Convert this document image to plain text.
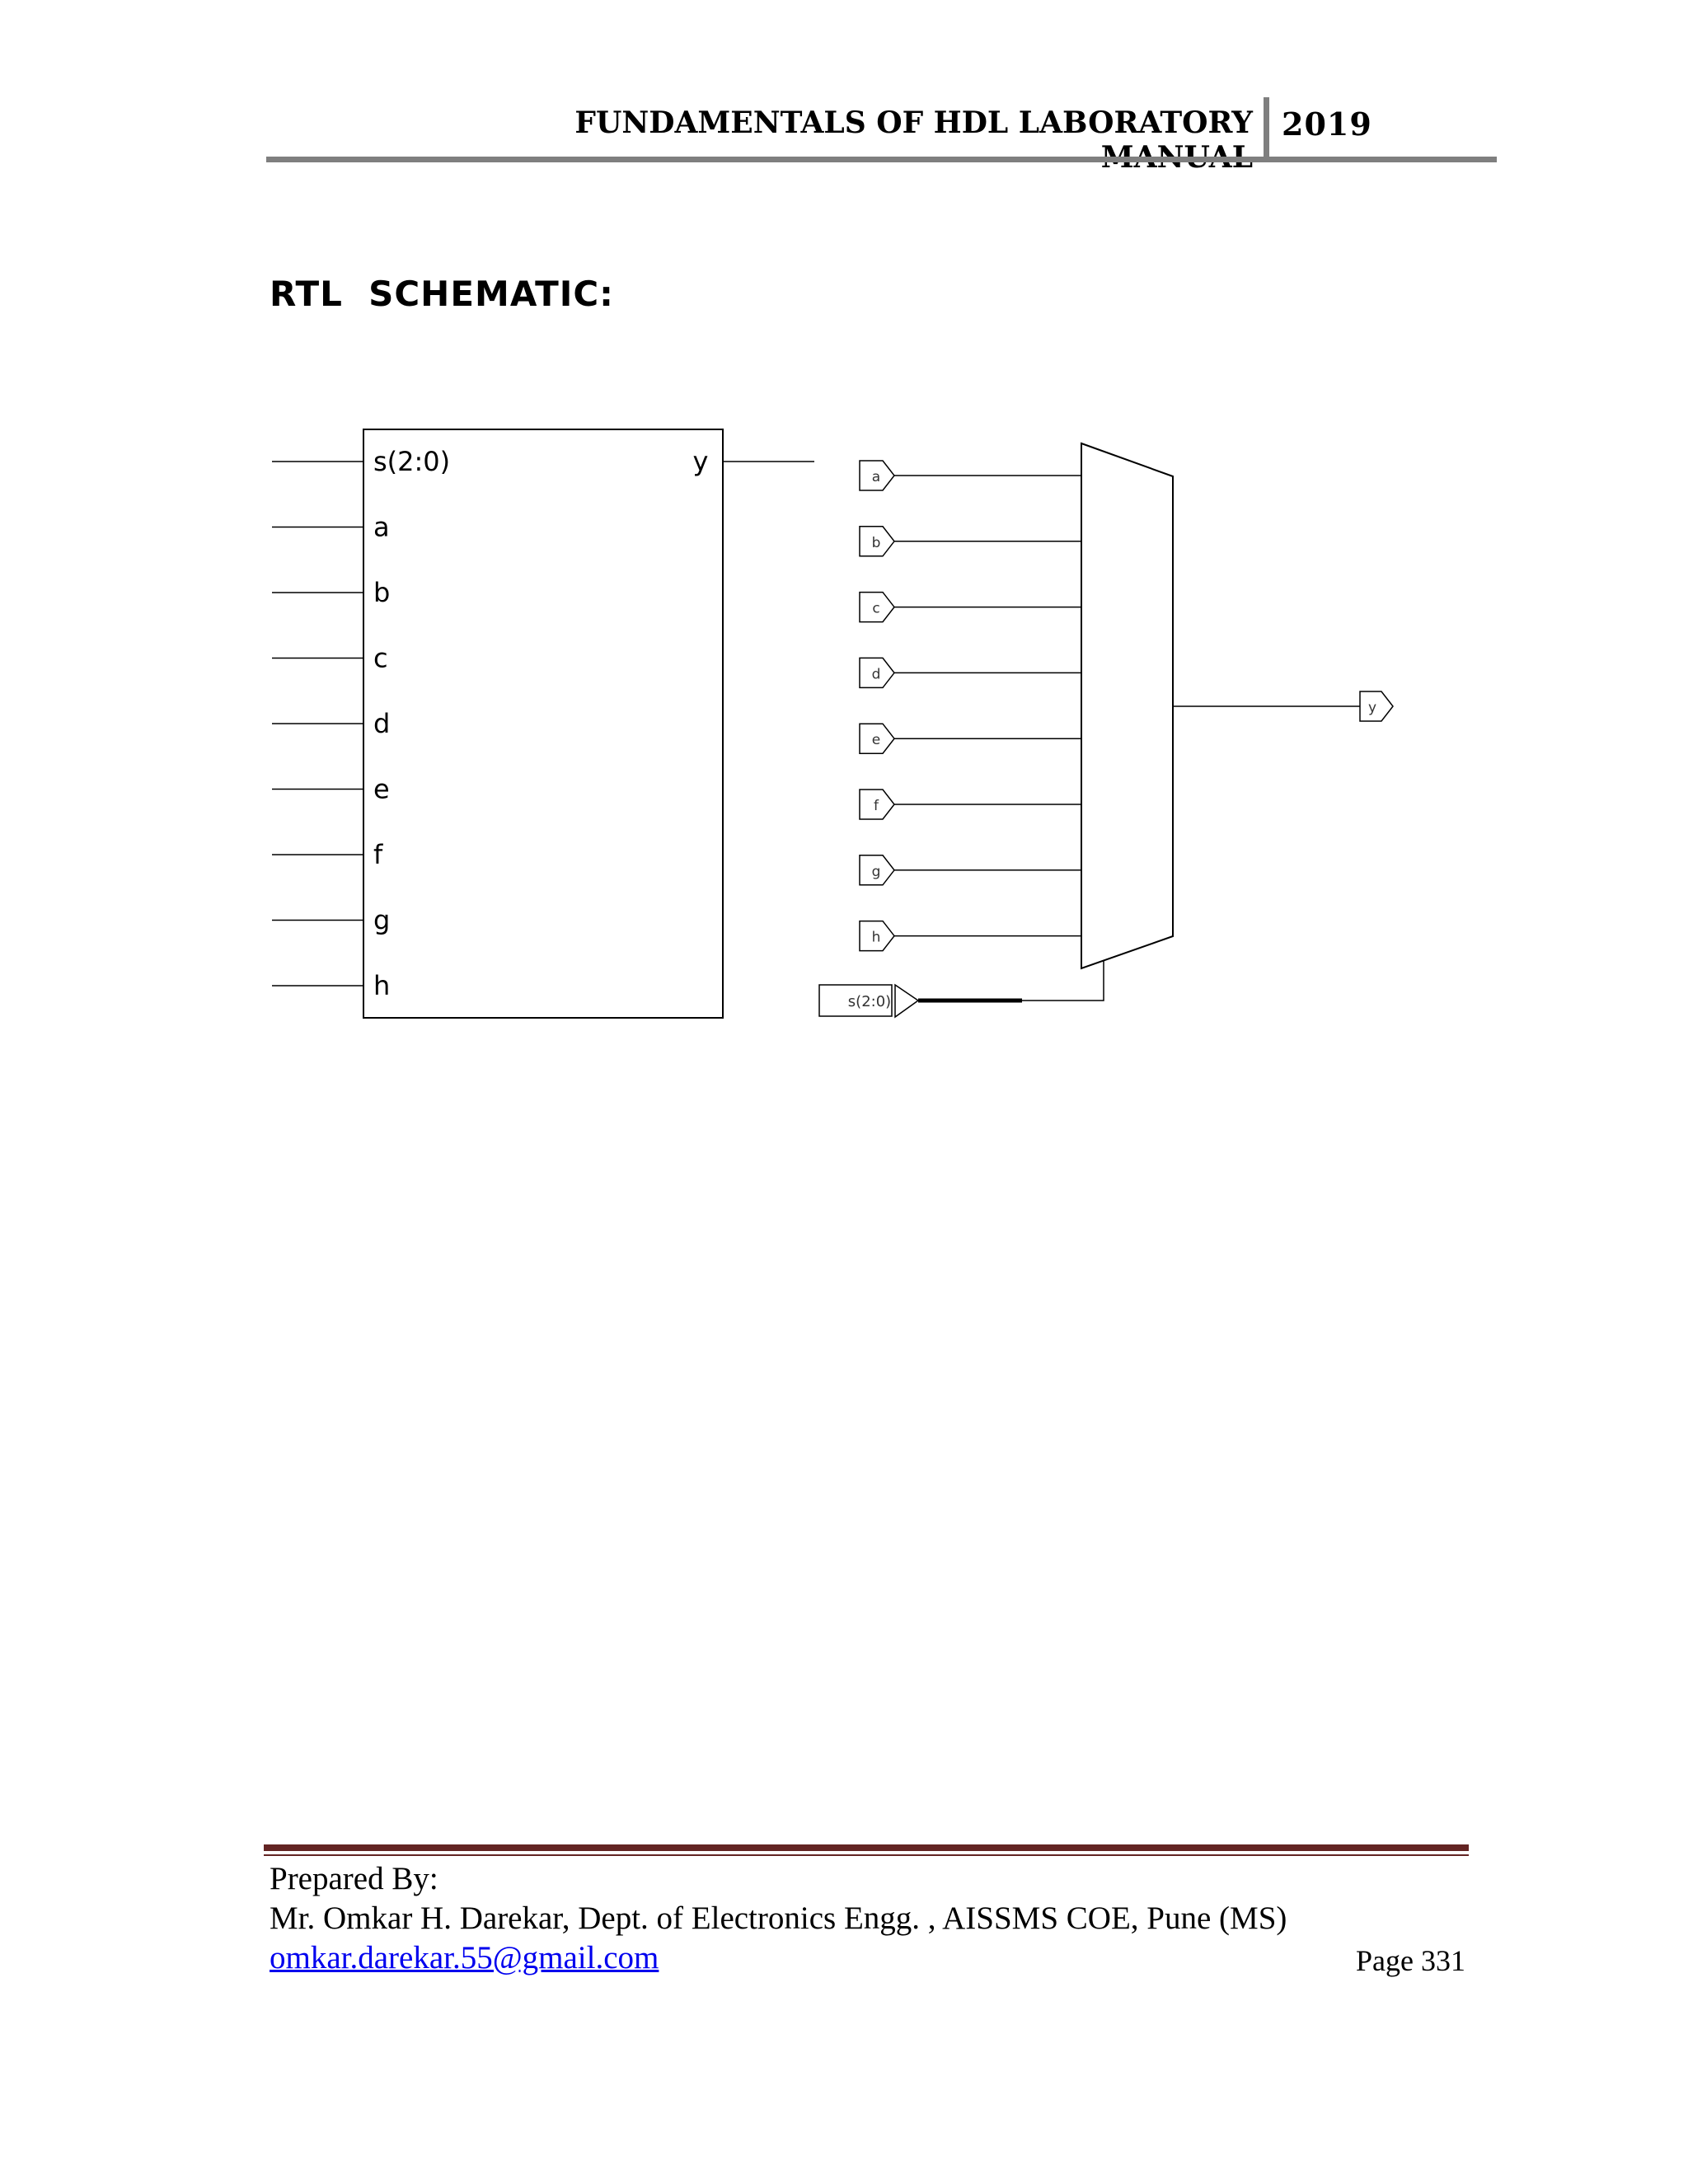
FUNDAMENTALS OF HDL LABORATORY 2019
RTL  SCHEMATIC:
s(2:0)
a
b
c
d
e
f
g
h
y	a
b
c
d
e
f
g
h
y
s(2:0)
Prepared By:
Mr. Omkar H. Darekar, Dept. of Electronics Engg. , AISSMS COE, Pune (MS)
omkar.darekar.55@gmail.com	Page 331
